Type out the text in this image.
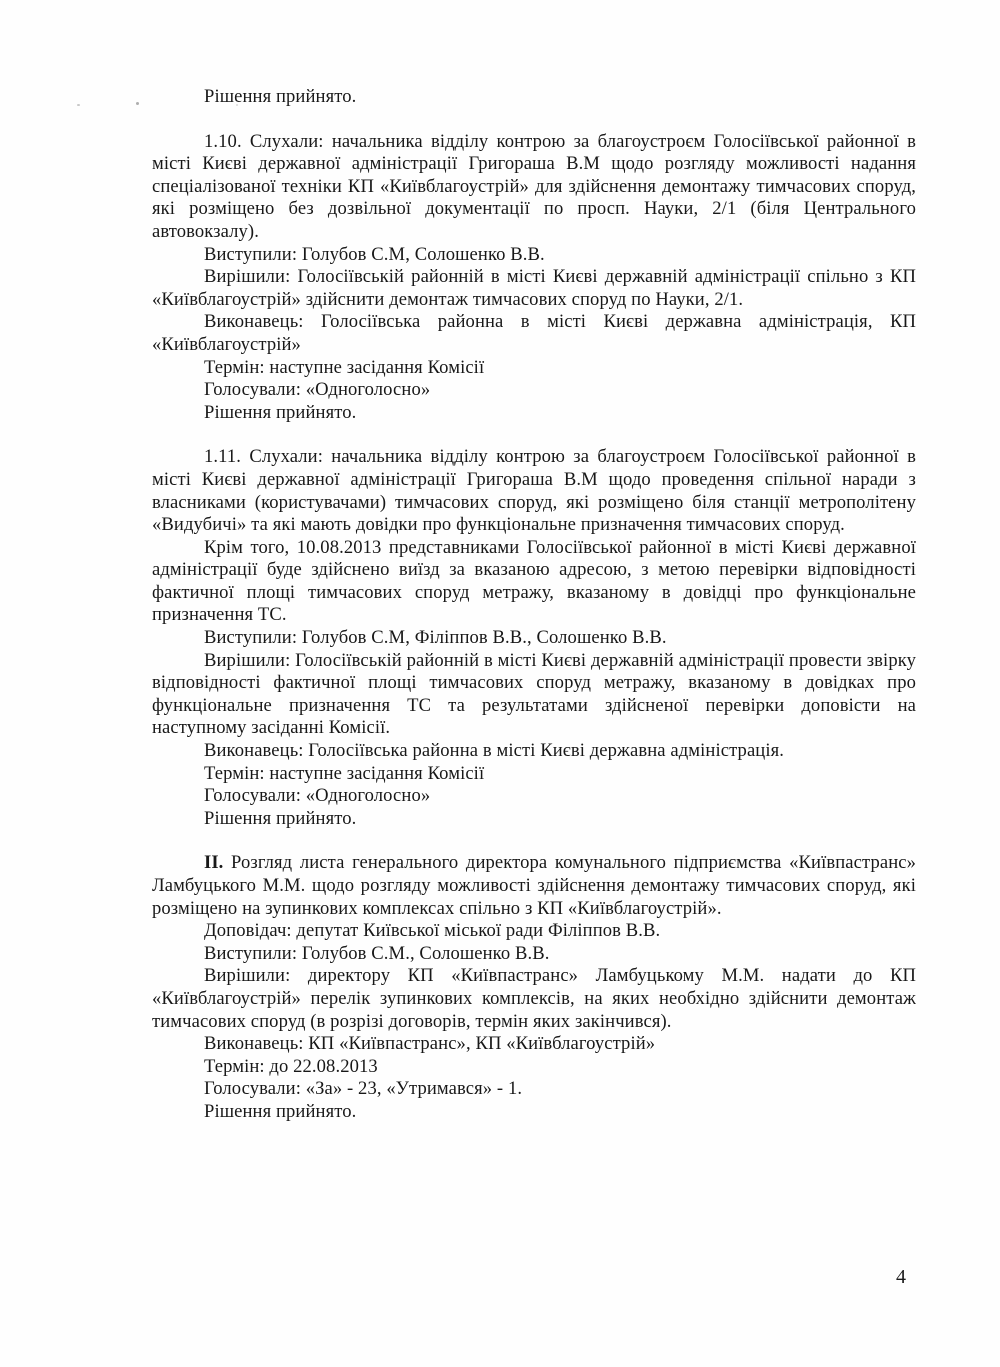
Рішення прийнято.

1.10. Слухали: начальника відділу контрою за благоустроєм Голосіївської районної в місті Києві державної адміністрації Григораша В.М щодо розгляду можливості надання спеціалізованої техніки КП «Київблагоустрій» для здійснення демонтажу тимчасових споруд, які розміщено без дозвільної документації по просп. Науки, 2/1 (біля Центрального автовокзалу).

Виступили: Голубов С.М, Солошенко В.В.

Вирішили: Голосіївській районній в місті Києві державній адміністрації спільно з КП «Київблагоустрій» здійснити демонтаж тимчасових споруд по Науки, 2/1.

Виконавець: Голосіївська районна в місті Києві державна адміністрація, КП «Київблагоустрій»

Термін: наступне засідання Комісії

Голосували: «Одноголосно»

Рішення прийнято.

1.11. Слухали: начальника відділу контрою за благоустроєм Голосіївської районної в місті Києві державної адміністрації Григораша В.М щодо проведення спільної наради з власниками (користувачами) тимчасових споруд, які розміщено біля станції метрополітену «Видубичі» та які мають довідки про функціональне призначення тимчасових споруд.

Крім того, 10.08.2013 представниками Голосіївської районної в місті Києві державної адміністрації буде здійснено виїзд за вказаною адресою, з метою перевірки відповідності фактичної площі тимчасових споруд метражу, вказаному в довідці про функціональне призначення ТС.

Виступили: Голубов С.М, Філіппов В.В., Солошенко В.В.

Вирішили: Голосіївській районній в місті Києві державній адміністрації провести звірку відповідності фактичної площі тимчасових споруд метражу, вказаному в довідках про функціональне призначення ТС та результатами здійсненої перевірки доповісти на наступному засіданні Комісії.

Виконавець: Голосіївська районна в місті Києві державна адміністрація.

Термін: наступне засідання Комісії

Голосували: «Одноголосно»

Рішення прийнято.

ІІ. Розгляд листа генерального директора комунального підприємства «Київпастранс» Ламбуцького М.М. щодо розгляду можливості здійснення демонтажу тимчасових споруд, які розміщено на зупинкових комплексах спільно з КП «Київблагоустрій».

Доповідач: депутат Київської міської ради Філіппов В.В.

Виступили: Голубов С.М., Солошенко В.В.

Вирішили: директору КП «Київпастранс» Ламбуцькому М.М. надати до КП «Київблагоустрій» перелік зупинкових комплексів, на яких необхідно здійснити демонтаж тимчасових споруд (в розрізі договорів, термін яких закінчився).

Виконавець: КП «Київпастранс», КП «Київблагоустрій»

Термін: до 22.08.2013

Голосували: «За» - 23, «Утримався» - 1.

Рішення прийнято.

4
